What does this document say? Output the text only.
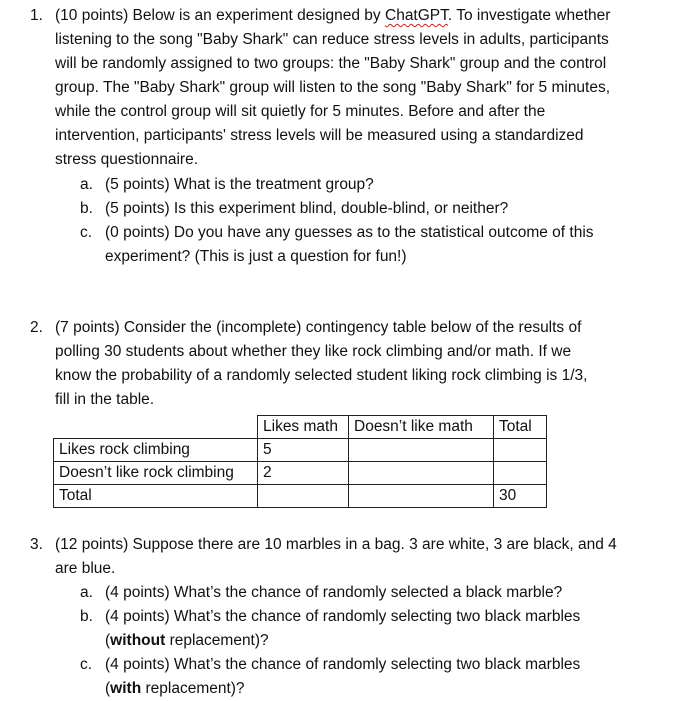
1. (10 points) Below is an experiment designed by ChatGPT. To investigate whether
listening to the song "Baby Shark" can reduce stress levels in adults, participants
will be randomly assigned to two groups: the "Baby Shark" group and the control
group. The "Baby Shark" group will listen to the song "Baby Shark" for 5 minutes,
while the control group will sit quietly for 5 minutes. Before and after the
intervention, participants' stress levels will be measured using a standardized
stress questionnaire.
a. (5 points) What is the treatment group?
b. (5 points) Is this experiment blind, double-blind, or neither?
c. (0 points) Do you have any guesses as to the statistical outcome of this
experiment? (This is just a question for fun!)
2. (7 points) Consider the (incomplete) contingency table below of the results of
polling 30 students about whether they like rock climbing and/or math. If we
know the probability of a randomly selected student liking rock climbing is 1/3,
fill in the table.
	Likes math	Doesn’t like math	Total
Likes rock climbing	5		
Doesn’t like rock climbing	2		
Total			30
3. (12 points) Suppose there are 10 marbles in a bag. 3 are white, 3 are black, and 4
are blue.
a. (4 points) What’s the chance of randomly selected a black marble?
b. (4 points) What’s the chance of randomly selecting two black marbles
(without replacement)?
c. (4 points) What’s the chance of randomly selecting two black marbles
(with replacement)?
